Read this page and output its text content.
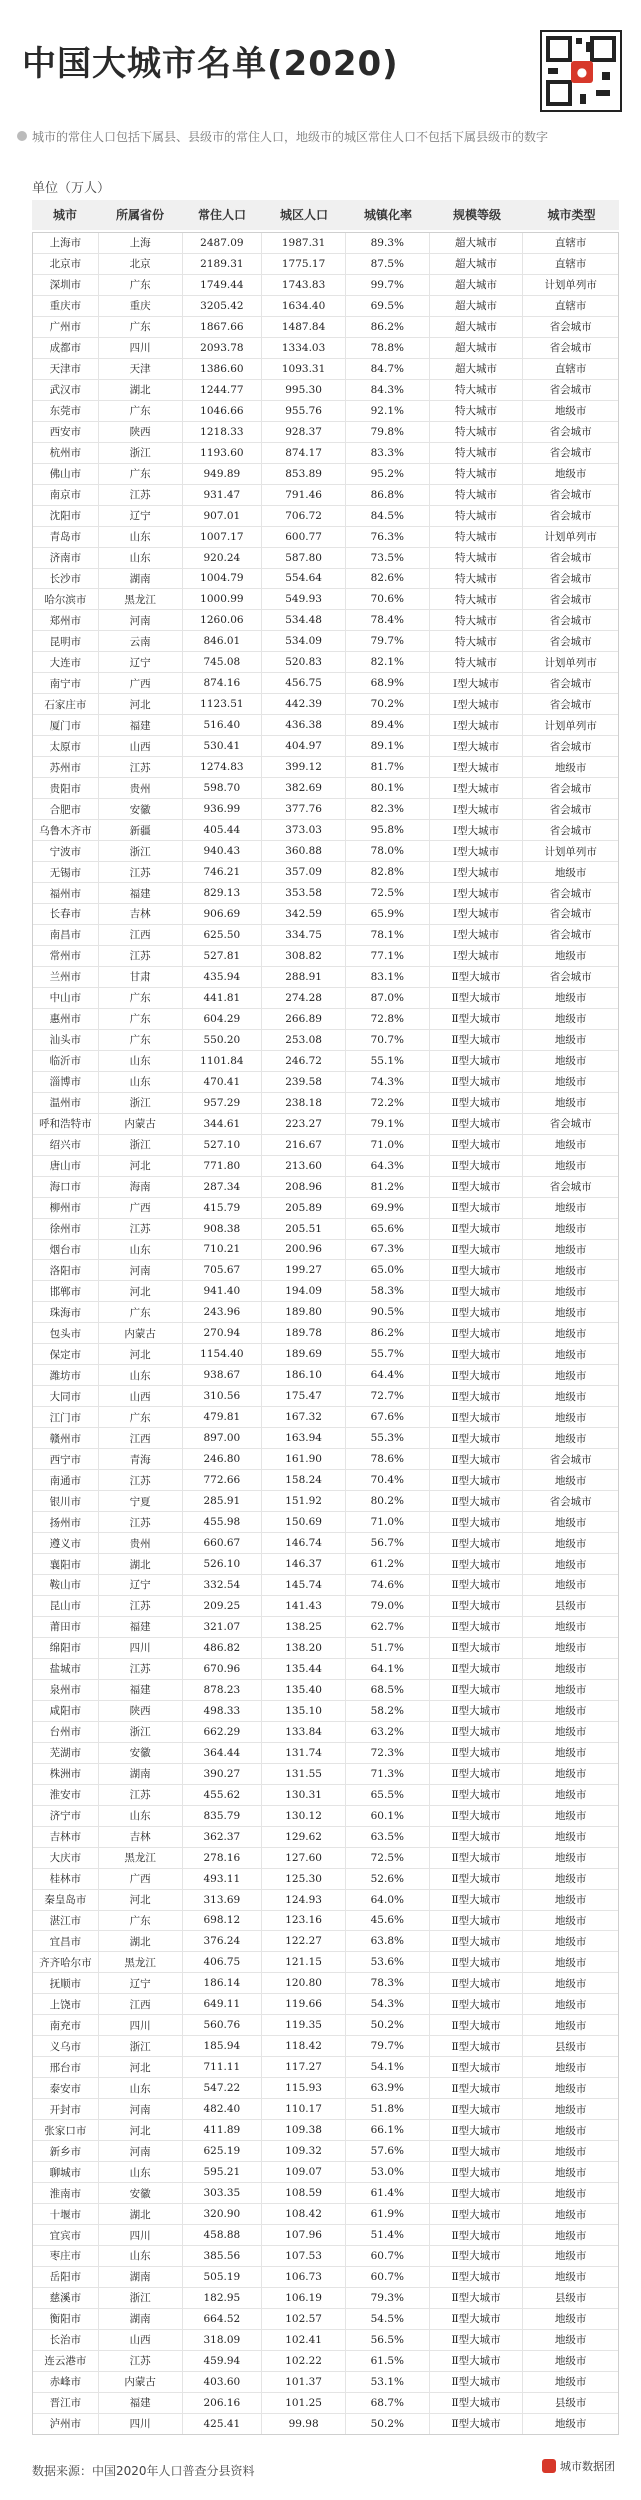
中国大城市名单(2020)	●
城市的常住人口包括下属县、县级市的常住人口，地级市的城区常住人口不包括下属县级市的数字
单位（万人）
城市	所属省份	常住人口	城区人口	城镇化率	规模等级	城市类型
上海市	上海	2487.09	1987.31	89.3%	超大城市	直辖市
北京市	北京	2189.31	1775.17	87.5%	超大城市	直辖市
深圳市	广东	1749.44	1743.83	99.7%	超大城市	计划单列市
重庆市	重庆	3205.42	1634.40	69.5%	超大城市	直辖市
广州市	广东	1867.66	1487.84	86.2%	超大城市	省会城市
成都市	四川	2093.78	1334.03	78.8%	超大城市	省会城市
天津市	天津	1386.60	1093.31	84.7%	超大城市	直辖市
武汉市	湖北	1244.77	995.30	84.3%	特大城市	省会城市
东莞市	广东	1046.66	955.76	92.1%	特大城市	地级市
西安市	陕西	1218.33	928.37	79.8%	特大城市	省会城市
杭州市	浙江	1193.60	874.17	83.3%	特大城市	省会城市
佛山市	广东	949.89	853.89	95.2%	特大城市	地级市
南京市	江苏	931.47	791.46	86.8%	特大城市	省会城市
沈阳市	辽宁	907.01	706.72	84.5%	特大城市	省会城市
青岛市	山东	1007.17	600.77	76.3%	特大城市	计划单列市
济南市	山东	920.24	587.80	73.5%	特大城市	省会城市
长沙市	湖南	1004.79	554.64	82.6%	特大城市	省会城市
哈尔滨市	黑龙江	1000.99	549.93	70.6%	特大城市	省会城市
郑州市	河南	1260.06	534.48	78.4%	特大城市	省会城市
昆明市	云南	846.01	534.09	79.7%	特大城市	省会城市
大连市	辽宁	745.08	520.83	82.1%	特大城市	计划单列市
南宁市	广西	874.16	456.75	68.9%	Ⅰ型大城市	省会城市
石家庄市	河北	1123.51	442.39	70.2%	Ⅰ型大城市	省会城市
厦门市	福建	516.40	436.38	89.4%	Ⅰ型大城市	计划单列市
太原市	山西	530.41	404.97	89.1%	Ⅰ型大城市	省会城市
苏州市	江苏	1274.83	399.12	81.7%	Ⅰ型大城市	地级市
贵阳市	贵州	598.70	382.69	80.1%	Ⅰ型大城市	省会城市
合肥市	安徽	936.99	377.76	82.3%	Ⅰ型大城市	省会城市
乌鲁木齐市	新疆	405.44	373.03	95.8%	Ⅰ型大城市	省会城市
宁波市	浙江	940.43	360.88	78.0%	Ⅰ型大城市	计划单列市
无锡市	江苏	746.21	357.09	82.8%	Ⅰ型大城市	地级市
福州市	福建	829.13	353.58	72.5%	Ⅰ型大城市	省会城市
长春市	吉林	906.69	342.59	65.9%	Ⅰ型大城市	省会城市
南昌市	江西	625.50	334.75	78.1%	Ⅰ型大城市	省会城市
常州市	江苏	527.81	308.82	77.1%	Ⅰ型大城市	地级市
兰州市	甘肃	435.94	288.91	83.1%	Ⅱ型大城市	省会城市
中山市	广东	441.81	274.28	87.0%	Ⅱ型大城市	地级市
惠州市	广东	604.29	266.89	72.8%	Ⅱ型大城市	地级市
汕头市	广东	550.20	253.08	70.7%	Ⅱ型大城市	地级市
临沂市	山东	1101.84	246.72	55.1%	Ⅱ型大城市	地级市
淄博市	山东	470.41	239.58	74.3%	Ⅱ型大城市	地级市
温州市	浙江	957.29	238.18	72.2%	Ⅱ型大城市	地级市
呼和浩特市	内蒙古	344.61	223.27	79.1%	Ⅱ型大城市	省会城市
绍兴市	浙江	527.10	216.67	71.0%	Ⅱ型大城市	地级市
唐山市	河北	771.80	213.60	64.3%	Ⅱ型大城市	地级市
海口市	海南	287.34	208.96	81.2%	Ⅱ型大城市	省会城市
柳州市	广西	415.79	205.89	69.9%	Ⅱ型大城市	地级市
徐州市	江苏	908.38	205.51	65.6%	Ⅱ型大城市	地级市
烟台市	山东	710.21	200.96	67.3%	Ⅱ型大城市	地级市
洛阳市	河南	705.67	199.27	65.0%	Ⅱ型大城市	地级市
邯郸市	河北	941.40	194.09	58.3%	Ⅱ型大城市	地级市
珠海市	广东	243.96	189.80	90.5%	Ⅱ型大城市	地级市
包头市	内蒙古	270.94	189.78	86.2%	Ⅱ型大城市	地级市
保定市	河北	1154.40	189.69	55.7%	Ⅱ型大城市	地级市
潍坊市	山东	938.67	186.10	64.4%	Ⅱ型大城市	地级市
大同市	山西	310.56	175.47	72.7%	Ⅱ型大城市	地级市
江门市	广东	479.81	167.32	67.6%	Ⅱ型大城市	地级市
赣州市	江西	897.00	163.94	55.3%	Ⅱ型大城市	地级市
西宁市	青海	246.80	161.90	78.6%	Ⅱ型大城市	省会城市
南通市	江苏	772.66	158.24	70.4%	Ⅱ型大城市	地级市
银川市	宁夏	285.91	151.92	80.2%	Ⅱ型大城市	省会城市
扬州市	江苏	455.98	150.69	71.0%	Ⅱ型大城市	地级市
遵义市	贵州	660.67	146.74	56.7%	Ⅱ型大城市	地级市
襄阳市	湖北	526.10	146.37	61.2%	Ⅱ型大城市	地级市
鞍山市	辽宁	332.54	145.74	74.6%	Ⅱ型大城市	地级市
昆山市	江苏	209.25	141.43	79.0%	Ⅱ型大城市	县级市
莆田市	福建	321.07	138.25	62.7%	Ⅱ型大城市	地级市
绵阳市	四川	486.82	138.20	51.7%	Ⅱ型大城市	地级市
盐城市	江苏	670.96	135.44	64.1%	Ⅱ型大城市	地级市
泉州市	福建	878.23	135.40	68.5%	Ⅱ型大城市	地级市
咸阳市	陕西	498.33	135.10	58.2%	Ⅱ型大城市	地级市
台州市	浙江	662.29	133.84	63.2%	Ⅱ型大城市	地级市
芜湖市	安徽	364.44	131.74	72.3%	Ⅱ型大城市	地级市
株洲市	湖南	390.27	131.55	71.3%	Ⅱ型大城市	地级市
淮安市	江苏	455.62	130.31	65.5%	Ⅱ型大城市	地级市
济宁市	山东	835.79	130.12	60.1%	Ⅱ型大城市	地级市
吉林市	吉林	362.37	129.62	63.5%	Ⅱ型大城市	地级市
大庆市	黑龙江	278.16	127.60	72.5%	Ⅱ型大城市	地级市
桂林市	广西	493.11	125.30	52.6%	Ⅱ型大城市	地级市
秦皇岛市	河北	313.69	124.93	64.0%	Ⅱ型大城市	地级市
湛江市	广东	698.12	123.16	45.6%	Ⅱ型大城市	地级市
宜昌市	湖北	376.24	122.27	63.8%	Ⅱ型大城市	地级市
齐齐哈尔市	黑龙江	406.75	121.15	53.6%	Ⅱ型大城市	地级市
抚顺市	辽宁	186.14	120.80	78.3%	Ⅱ型大城市	地级市
上饶市	江西	649.11	119.66	54.3%	Ⅱ型大城市	地级市
南充市	四川	560.76	119.35	50.2%	Ⅱ型大城市	地级市
义乌市	浙江	185.94	118.42	79.7%	Ⅱ型大城市	县级市
邢台市	河北	711.11	117.27	54.1%	Ⅱ型大城市	地级市
泰安市	山东	547.22	115.93	63.9%	Ⅱ型大城市	地级市
开封市	河南	482.40	110.17	51.8%	Ⅱ型大城市	地级市
张家口市	河北	411.89	109.38	66.1%	Ⅱ型大城市	地级市
新乡市	河南	625.19	109.32	57.6%	Ⅱ型大城市	地级市
聊城市	山东	595.21	109.07	53.0%	Ⅱ型大城市	地级市
淮南市	安徽	303.35	108.59	61.4%	Ⅱ型大城市	地级市
十堰市	湖北	320.90	108.42	61.9%	Ⅱ型大城市	地级市
宜宾市	四川	458.88	107.96	51.4%	Ⅱ型大城市	地级市
枣庄市	山东	385.56	107.53	60.7%	Ⅱ型大城市	地级市
岳阳市	湖南	505.19	106.73	60.7%	Ⅱ型大城市	地级市
慈溪市	浙江	182.95	106.19	79.3%	Ⅱ型大城市	县级市
衡阳市	湖南	664.52	102.57	54.5%	Ⅱ型大城市	地级市
长治市	山西	318.09	102.41	56.5%	Ⅱ型大城市	地级市
连云港市	江苏	459.94	102.22	61.5%	Ⅱ型大城市	地级市
赤峰市	内蒙古	403.60	101.37	53.1%	Ⅱ型大城市	地级市
晋江市	福建	206.16	101.25	68.7%	Ⅱ型大城市	县级市
泸州市	四川	425.41	99.98	50.2%	Ⅱ型大城市	地级市
数据来源：中国2020年人口普查分县资料	城市数据团
